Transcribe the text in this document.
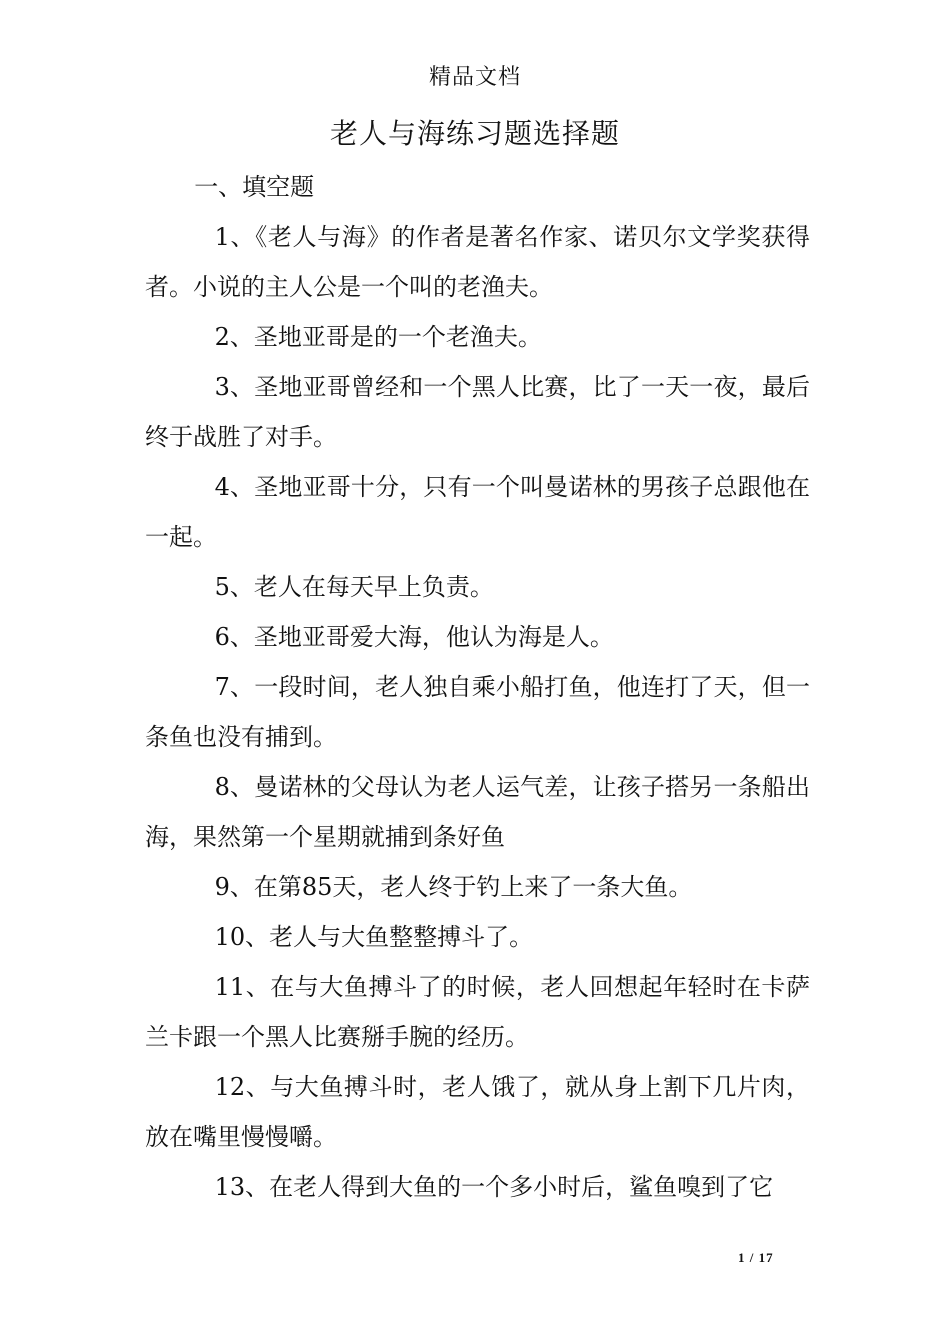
精品文档
老人与海练习题选择题

一、填空题

1、《老人与海》的作者是著名作家、诺贝尔文学奖获得者。小说的主人公是一个叫的老渔夫。

2、圣地亚哥是的一个老渔夫。

3、圣地亚哥曾经和一个黑人比赛，比了一天一夜，最后终于战胜了对手。

4、圣地亚哥十分，只有一个叫曼诺林的男孩子总跟他在一起。

5、老人在每天早上负责。

6、圣地亚哥爱大海，他认为海是人。

7、一段时间，老人独自乘小船打鱼，他连打了天，但一条鱼也没有捕到。

8、曼诺林的父母认为老人运气差，让孩子搭另一条船出海，果然第一个星期就捕到条好鱼

9、在第85天，老人终于钓上来了一条大鱼。

10、老人与大鱼整整搏斗了。

11、在与大鱼搏斗了的时候，老人回想起年轻时在卡萨兰卡跟一个黑人比赛掰手腕的经历。

12、与大鱼搏斗时，老人饿了，就从身上割下几片肉，放在嘴里慢慢嚼。

13、在老人得到大鱼的一个多小时后，鲨鱼嗅到了它

1 / 17
